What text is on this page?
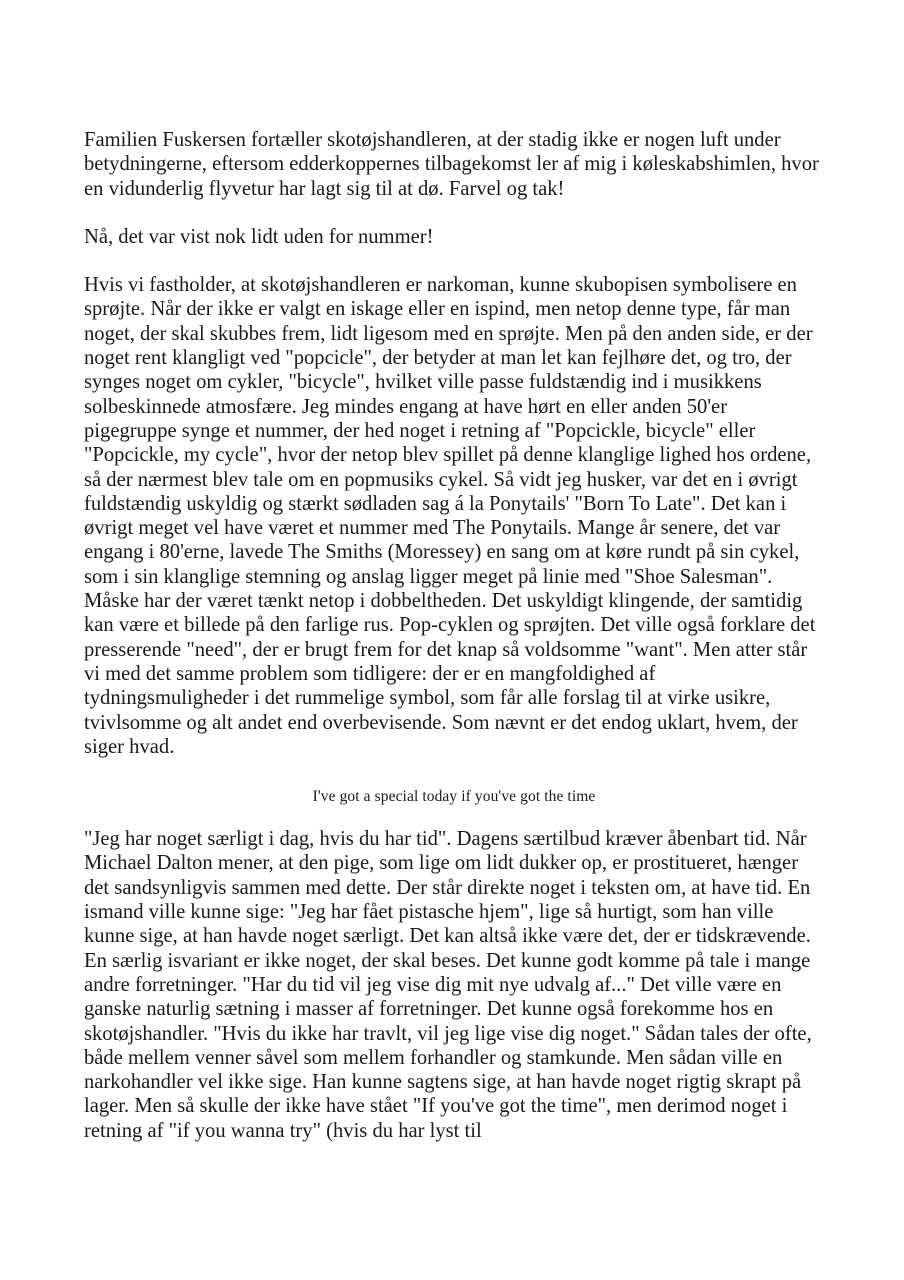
Familien Fuskersen fortæller skotøjshandleren, at der stadig ikke er nogen luft under betydningerne, eftersom edderkoppernes tilbagekomst ler af mig i køleskabshimlen, hvor en vidunderlig flyvetur har lagt sig til at dø. Farvel og tak!

Nå, det var vist nok lidt uden for nummer!

Hvis vi fastholder, at skotøjshandleren er narkoman, kunne skubopisen symbolisere en sprøjte. Når der ikke er valgt en iskage eller en ispind, men netop denne type, får man noget, der skal skubbes frem, lidt ligesom med en sprøjte. Men på den anden side, er der noget rent klangligt ved "popcicle", der betyder at man let kan fejlhøre det, og tro, der synges noget om cykler, "bicycle", hvilket ville passe fuldstændig ind i musikkens solbeskinnede atmosfære. Jeg mindes engang at have hørt en eller anden 50'er pigegruppe synge et nummer, der hed noget i retning af "Popcickle, bicycle" eller "Popcickle, my cycle", hvor der netop blev spillet på denne klanglige lighed hos ordene, så der nærmest blev tale om en popmusiks cykel. Så vidt jeg husker, var det en i øvrigt fuldstændig uskyldig og stærkt sødladen sag á la Ponytails' "Born To Late". Det kan i øvrigt meget vel have været et nummer med The Ponytails. Mange år senere, det var engang i 80'erne, lavede The Smiths (Moressey) en sang om at køre rundt på sin cykel, som i sin klanglige stemning og anslag ligger meget på linie med "Shoe Salesman". Måske har der været tænkt netop i dobbeltheden. Det uskyldigt klingende, der samtidig kan være et billede på den farlige rus. Pop-cyklen og sprøjten. Det ville også forklare det presserende "need", der er brugt frem for det knap så voldsomme "want". Men atter står vi med det samme problem som tidligere: der er en mangfoldighed af tydningsmuligheder i det rummelige symbol, som får alle forslag til at virke usikre, tvivlsomme og alt andet end overbevisende. Som nævnt er det endog uklart, hvem, der siger hvad.

I've got a special today if you've got the time

"Jeg har noget særligt i dag, hvis du har tid". Dagens særtilbud kræver åbenbart tid. Når Michael Dalton mener, at den pige, som lige om lidt dukker op, er prostitueret, hænger det sandsynligvis sammen med dette. Der står direkte noget i teksten om, at have tid. En ismand ville kunne sige: "Jeg har fået pistasche hjem", lige så hurtigt, som han ville kunne sige, at han havde noget særligt. Det kan altså ikke være det, der er tidskrævende. En særlig isvariant er ikke noget, der skal beses. Det kunne godt komme på tale i mange andre forretninger. "Har du tid vil jeg vise dig mit nye udvalg af..." Det ville være en ganske naturlig sætning i masser af forretninger. Det kunne også forekomme hos en skotøjshandler. "Hvis du ikke har travlt, vil jeg lige vise dig noget." Sådan tales der ofte, både mellem venner såvel som mellem forhandler og stamkunde. Men sådan ville en narkohandler vel ikke sige. Han kunne sagtens sige, at han havde noget rigtig skrapt på lager. Men så skulle der ikke have stået "If you've got the time", men derimod noget i retning af "if you wanna try" (hvis du har lyst til
